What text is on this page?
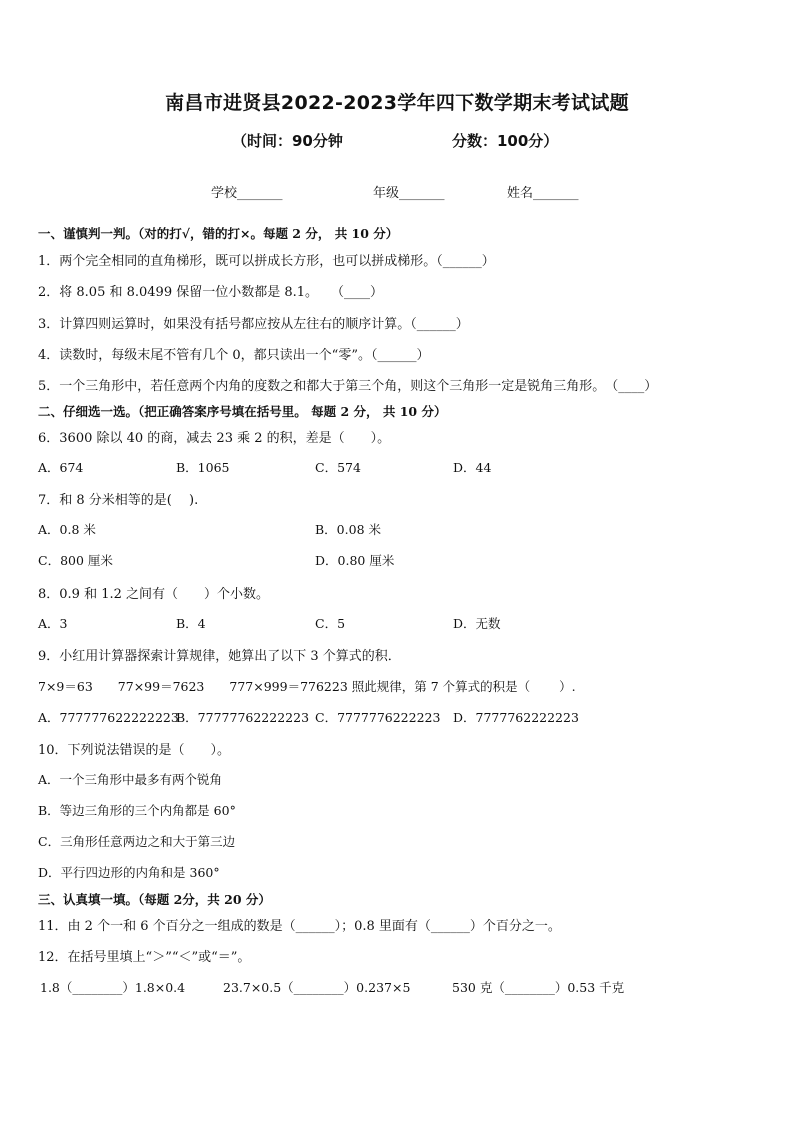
南昌市进贤县2022-2023学年四下数学期末考试试题
（时间：90分钟	分数：100分）
学校_______	年级_______	姓名_______
一、谨慎判一判。（对的打√，错的打×。每题 2 分， 共 10 分）
1．两个完全相同的直角梯形，既可以拼成长方形，也可以拼成梯形。（______）
2．将 8.05 和 8.0499 保留一位小数都是 8.1。　　（____）
3．计算四则运算时，如果没有括号都应按从左往右的顺序计算。（______）
4．读数时，每级末尾不管有几个 0，都只读出一个“零”。（______）
5．一个三角形中，若任意两个内角的度数之和都大于第三个角，则这个三角形一定是锐角三角形。　（____）
二、仔细选一选。（把正确答案序号填在括号里。 每题 2 分， 共 10 分）
6．3600 除以 40 的商，减去 23 乘 2 的积，差是（　　）。
A．674	B．1065	C．574	D．44
7．和 8 分米相等的是(　 ).
A．0.8 米	B．0.08 米
C．800 厘米	D．0.80 厘米
8．0.9 和 1.2 之间有（　　）个小数。
A．3	B．4	C．5	D．无数
9．小红用计算器探索计算规律，她算出了以下 3 个算式的积．
7×9＝63　　77×99＝7623　　777×999＝776223 照此规律，第 7 个算式的积是（　　 ）.
A．777777622222223
B．77777762222223 C．7777776222223 D．7777762222223
10．下列说法错误的是（　　）。
A．一个三角形中最多有两个锐角
B．等边三角形的三个内角都是 60°
C．三角形任意两边之和大于第三边
D．平行四边形的内角和是 360°
三、认真填一填。（每题 2分，共 20 分）
11．由 2 个一和 6 个百分之一组成的数是（______）；0.8 里面有（______）个百分之一。
12．在括号里填上“＞”“＜”或“＝”。
1.8（________）1.8×0.4	23.7×0.5（________）0.237×5	530 克（________）0.53 千克
